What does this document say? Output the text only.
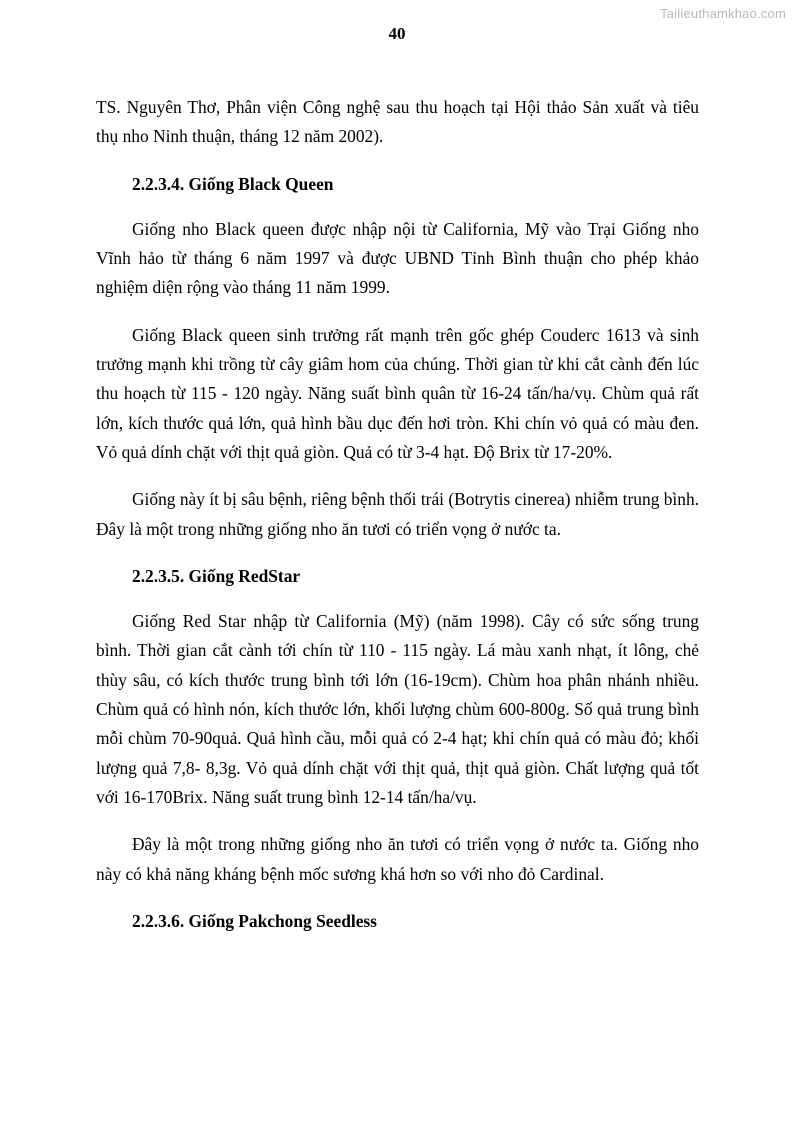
Tailieuthamkhao.com
40

TS. Nguyên Thơ, Phân viện Công nghệ sau thu hoạch tại Hội thảo Sản xuất và tiêu thụ nho Ninh thuận, tháng 12 năm 2002).

2.2.3.4. Giống Black Queen

Giống nho Black queen được nhập nội từ California, Mỹ vào Trại Giống nho Vĩnh hảo từ tháng 6 năm 1997 và được UBND Tỉnh Bình thuận cho phép khảo nghiệm diện rộng vào tháng 11 năm 1999.

Giống Black queen sinh trưởng rất mạnh trên gốc ghép Couderc 1613 và sinh trưởng mạnh khi trồng từ cây giâm hom của chúng. Thời gian từ khi cắt cành đến lúc thu hoạch từ 115 - 120 ngày. Năng suất bình quân từ 16-24 tấn/ha/vụ. Chùm quả rất lớn, kích thước quả lớn, quả hình bầu dục đến hơi tròn. Khi chín vỏ quả có màu đen. Vỏ quả dính chặt với thịt quả giòn. Quả có từ 3-4 hạt. Độ Brix từ 17-20%.

Giống này ít bị sâu bệnh, riêng bệnh thối trái (Botrytis cinerea) nhiễm trung bình. Đây là một trong những giống nho ăn tươi có triển vọng ở nước ta.

2.2.3.5. Giống RedStar

Giống Red Star nhập từ California (Mỹ) (năm 1998). Cây có sức sống trung bình. Thời gian cắt cành tới chín từ 110 - 115 ngày. Lá màu xanh nhạt, ít lông, chẻ thùy sâu, có kích thước trung bình tới lớn (16-19cm). Chùm hoa phân nhánh nhiều. Chùm quả có hình nón, kích thước lớn, khối lượng chùm 600-800g. Số quả trung bình mỗi chùm 70-90quả. Quả hình cầu, mỗi quả có 2-4 hạt; khi chín quả có màu đỏ; khối lượng quả 7,8- 8,3g. Vỏ quả dính chặt với thịt quả, thịt quả giòn. Chất lượng quả tốt với 16-170Brix. Năng suất trung bình 12-14 tấn/ha/vụ.

Đây là một trong những giống nho ăn tươi có triển vọng ở nước ta. Giống nho này có khả năng kháng bệnh mốc sương khá hơn so với nho đỏ Cardinal.

2.2.3.6. Giống Pakchong Seedless
